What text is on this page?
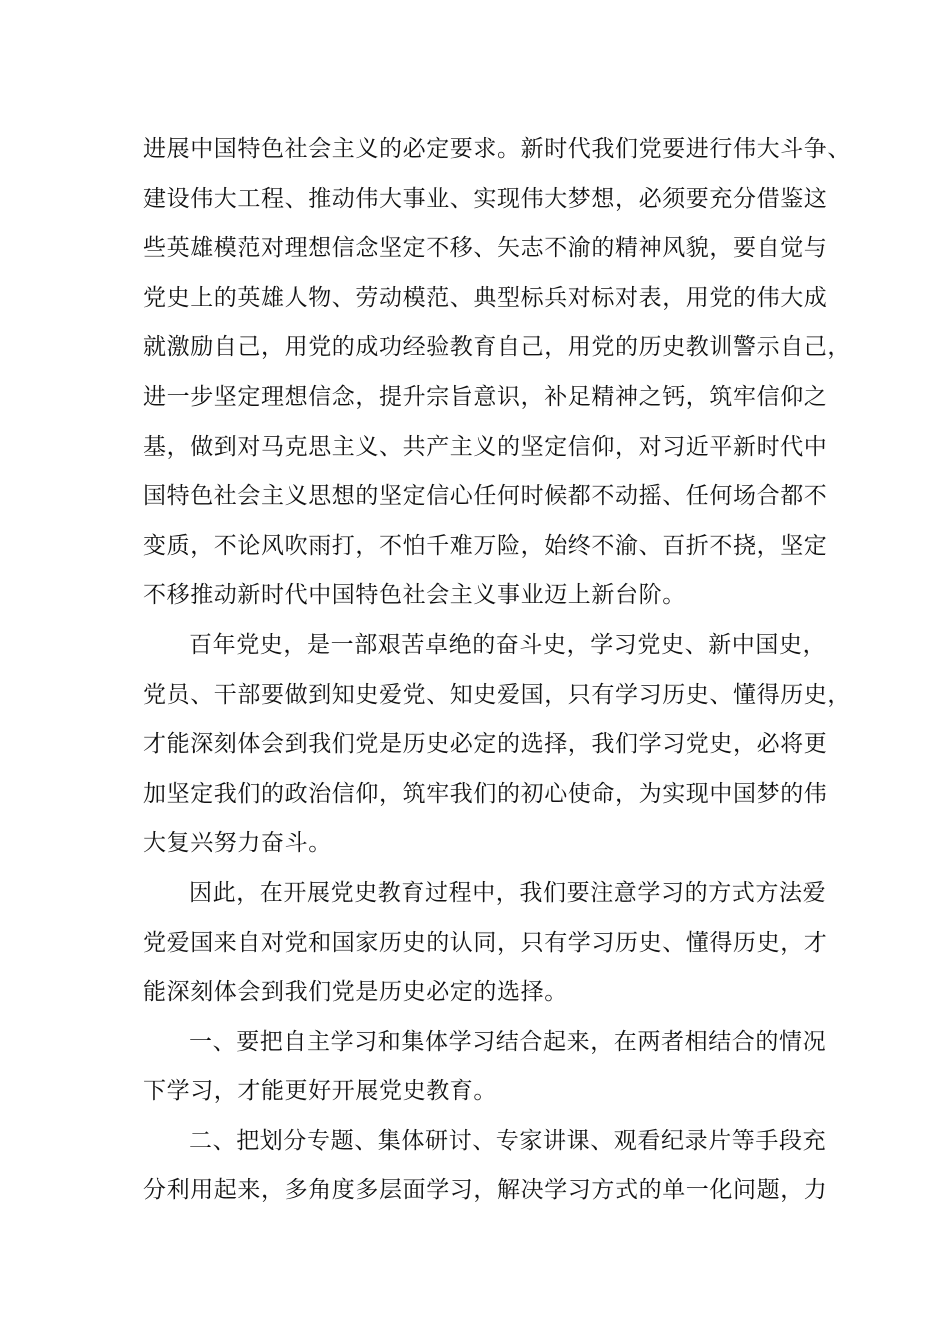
进展中国特色社会主义的必定要求。新时代我们党要进行伟大斗争、
建设伟大工程、推动伟大事业、实现伟大梦想，必须要充分借鉴这
些英雄模范对理想信念坚定不移、矢志不渝的精神风貌，要自觉与
党史上的英雄人物、劳动模范、典型标兵对标对表，用党的伟大成
就激励自己，用党的成功经验教育自己，用党的历史教训警示自己，
进一步坚定理想信念，提升宗旨意识，补足精神之钙，筑牢信仰之
基，做到对马克思主义、共产主义的坚定信仰，对习近平新时代中
国特色社会主义思想的坚定信心任何时候都不动摇、任何场合都不
变质，不论风吹雨打，不怕千难万险，始终不渝、百折不挠，坚定
不移推动新时代中国特色社会主义事业迈上新台阶。
百年党史，是一部艰苦卓绝的奋斗史，学习党史、新中国史，
党员、干部要做到知史爱党、知史爱国，只有学习历史、懂得历史，
才能深刻体会到我们党是历史必定的选择，我们学习党史，必将更
加坚定我们的政治信仰，筑牢我们的初心使命，为实现中国梦的伟
大复兴努力奋斗。
因此，在开展党史教育过程中，我们要注意学习的方式方法爱
党爱国来自对党和国家历史的认同，只有学习历史、懂得历史，才
能深刻体会到我们党是历史必定的选择。
一、要把自主学习和集体学习结合起来，在两者相结合的情况
下学习，才能更好开展党史教育。
二、把划分专题、集体研讨、专家讲课、观看纪录片等手段充
分利用起来，多角度多层面学习，解决学习方式的单一化问题，力
